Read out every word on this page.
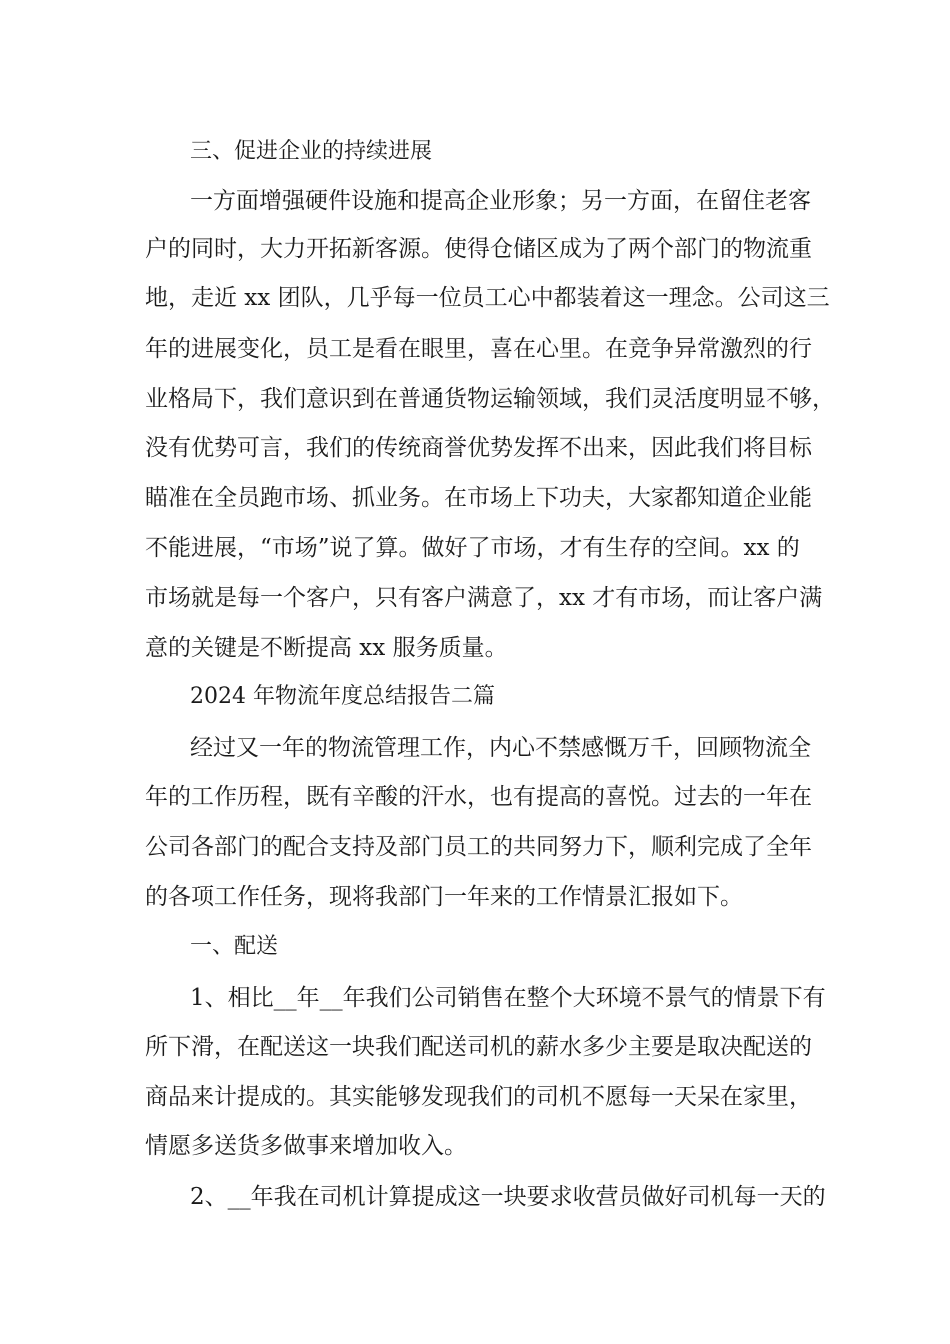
三、促进企业的持续进展
一方面增强硬件设施和提高企业形象；另一方面，在留住老客
户的同时，大力开拓新客源。使得仓储区成为了两个部门的物流重
地，走近 xx 团队，几乎每一位员工心中都装着这一理念。公司这三
年的进展变化，员工是看在眼里，喜在心里。在竞争异常激烈的行
业格局下，我们意识到在普通货物运输领域，我们灵活度明显不够，
没有优势可言，我们的传统商誉优势发挥不出来，因此我们将目标
瞄准在全员跑市场、抓业务。在市场上下功夫，大家都知道企业能
不能进展，“市场”说了算。做好了市场，才有生存的空间。xx 的
市场就是每一个客户，只有客户满意了，xx 才有市场，而让客户满
意的关键是不断提高 xx 服务质量。
2024 年物流年度总结报告二篇
经过又一年的物流管理工作，内心不禁感慨万千，回顾物流全
年的工作历程，既有辛酸的汗水，也有提高的喜悦。过去的一年在
公司各部门的配合支持及部门员工的共同努力下，顺利完成了全年
的各项工作任务，现将我部门一年来的工作情景汇报如下。
一、配送
1、相比__年__年我们公司销售在整个大环境不景气的情景下有
所下滑，在配送这一块我们配送司机的薪水多少主要是取决配送的
商品来计提成的。其实能够发现我们的司机不愿每一天呆在家里，
情愿多送货多做事来增加收入。
2、__年我在司机计算提成这一块要求收营员做好司机每一天的
